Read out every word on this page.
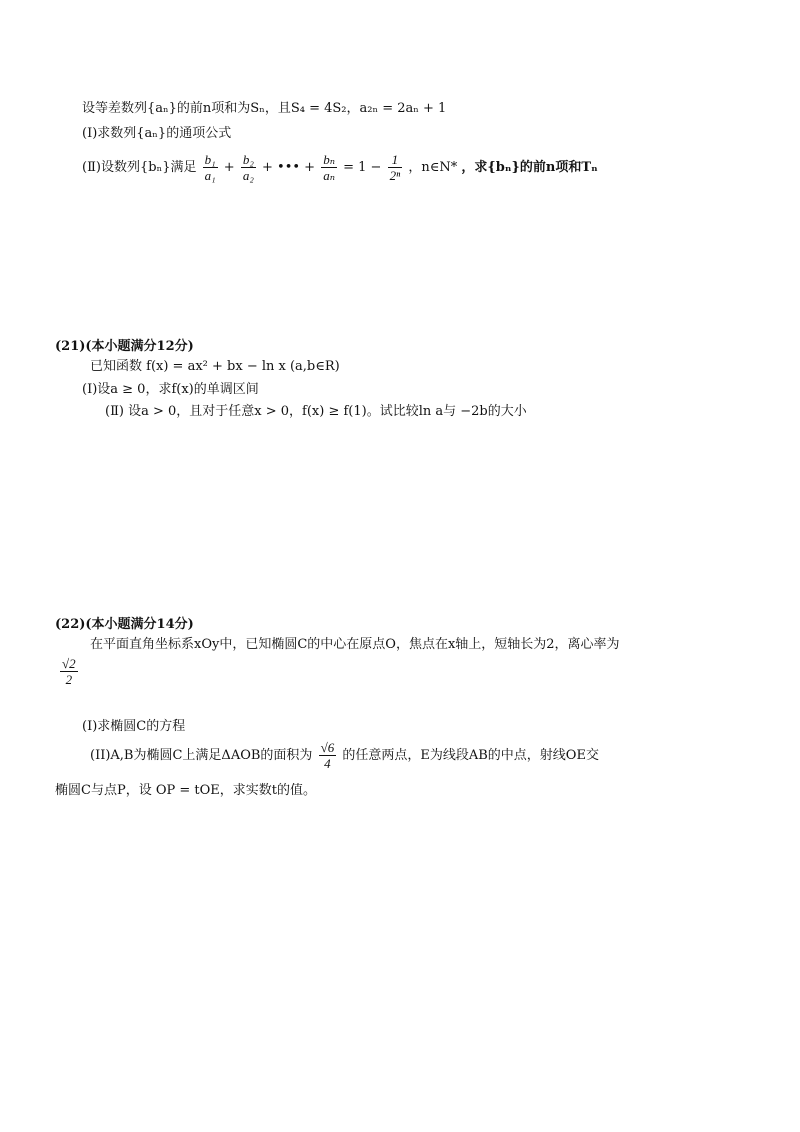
设等差数列{aₙ}的前n项和为Sₙ，且S₄ = 4S₂，a₂ₙ = 2aₙ + 1
(Ⅰ)求数列{aₙ}的通项公式
(Ⅱ)设数列{bₙ}满足 $\frac{\text{b₁}}{\text{a₁}} + \frac{\text{b₂}}{\text{a₂}}$ + ••• + $\frac{\text{bₙ}}{\text{aₙ}} = 1 - \frac{1}{\text{2ⁿ}}$ ，n∈N* ，求{bₙ}的前n项和Tₙ
(21)(本小题满分12分)
已知函数 f(x) = ax² + bx − ln x (a,b∈R)
(Ⅰ)设a ≥ 0，求f(x)的单调区间
(Ⅱ) 设a > 0，且对于任意x > 0，f(x) ≥ f(1)。试比较ln a与 −2b的大小
(22)(本小题满分14分)
在平面直角坐标系xOy中，已知椭圆C的中心在原点O，焦点在x轴上，短轴长为2，离心率为
$\frac{√2}{2}$
(I)求椭圆C的方程
(II)A,B为椭圆C上满足ΔAOB的面积为 $\frac{√6}{4}$ 的任意两点，E为线段AB的中点，射线OE交
椭圆C与点P，设 OP = tOE，求实数t的值。
